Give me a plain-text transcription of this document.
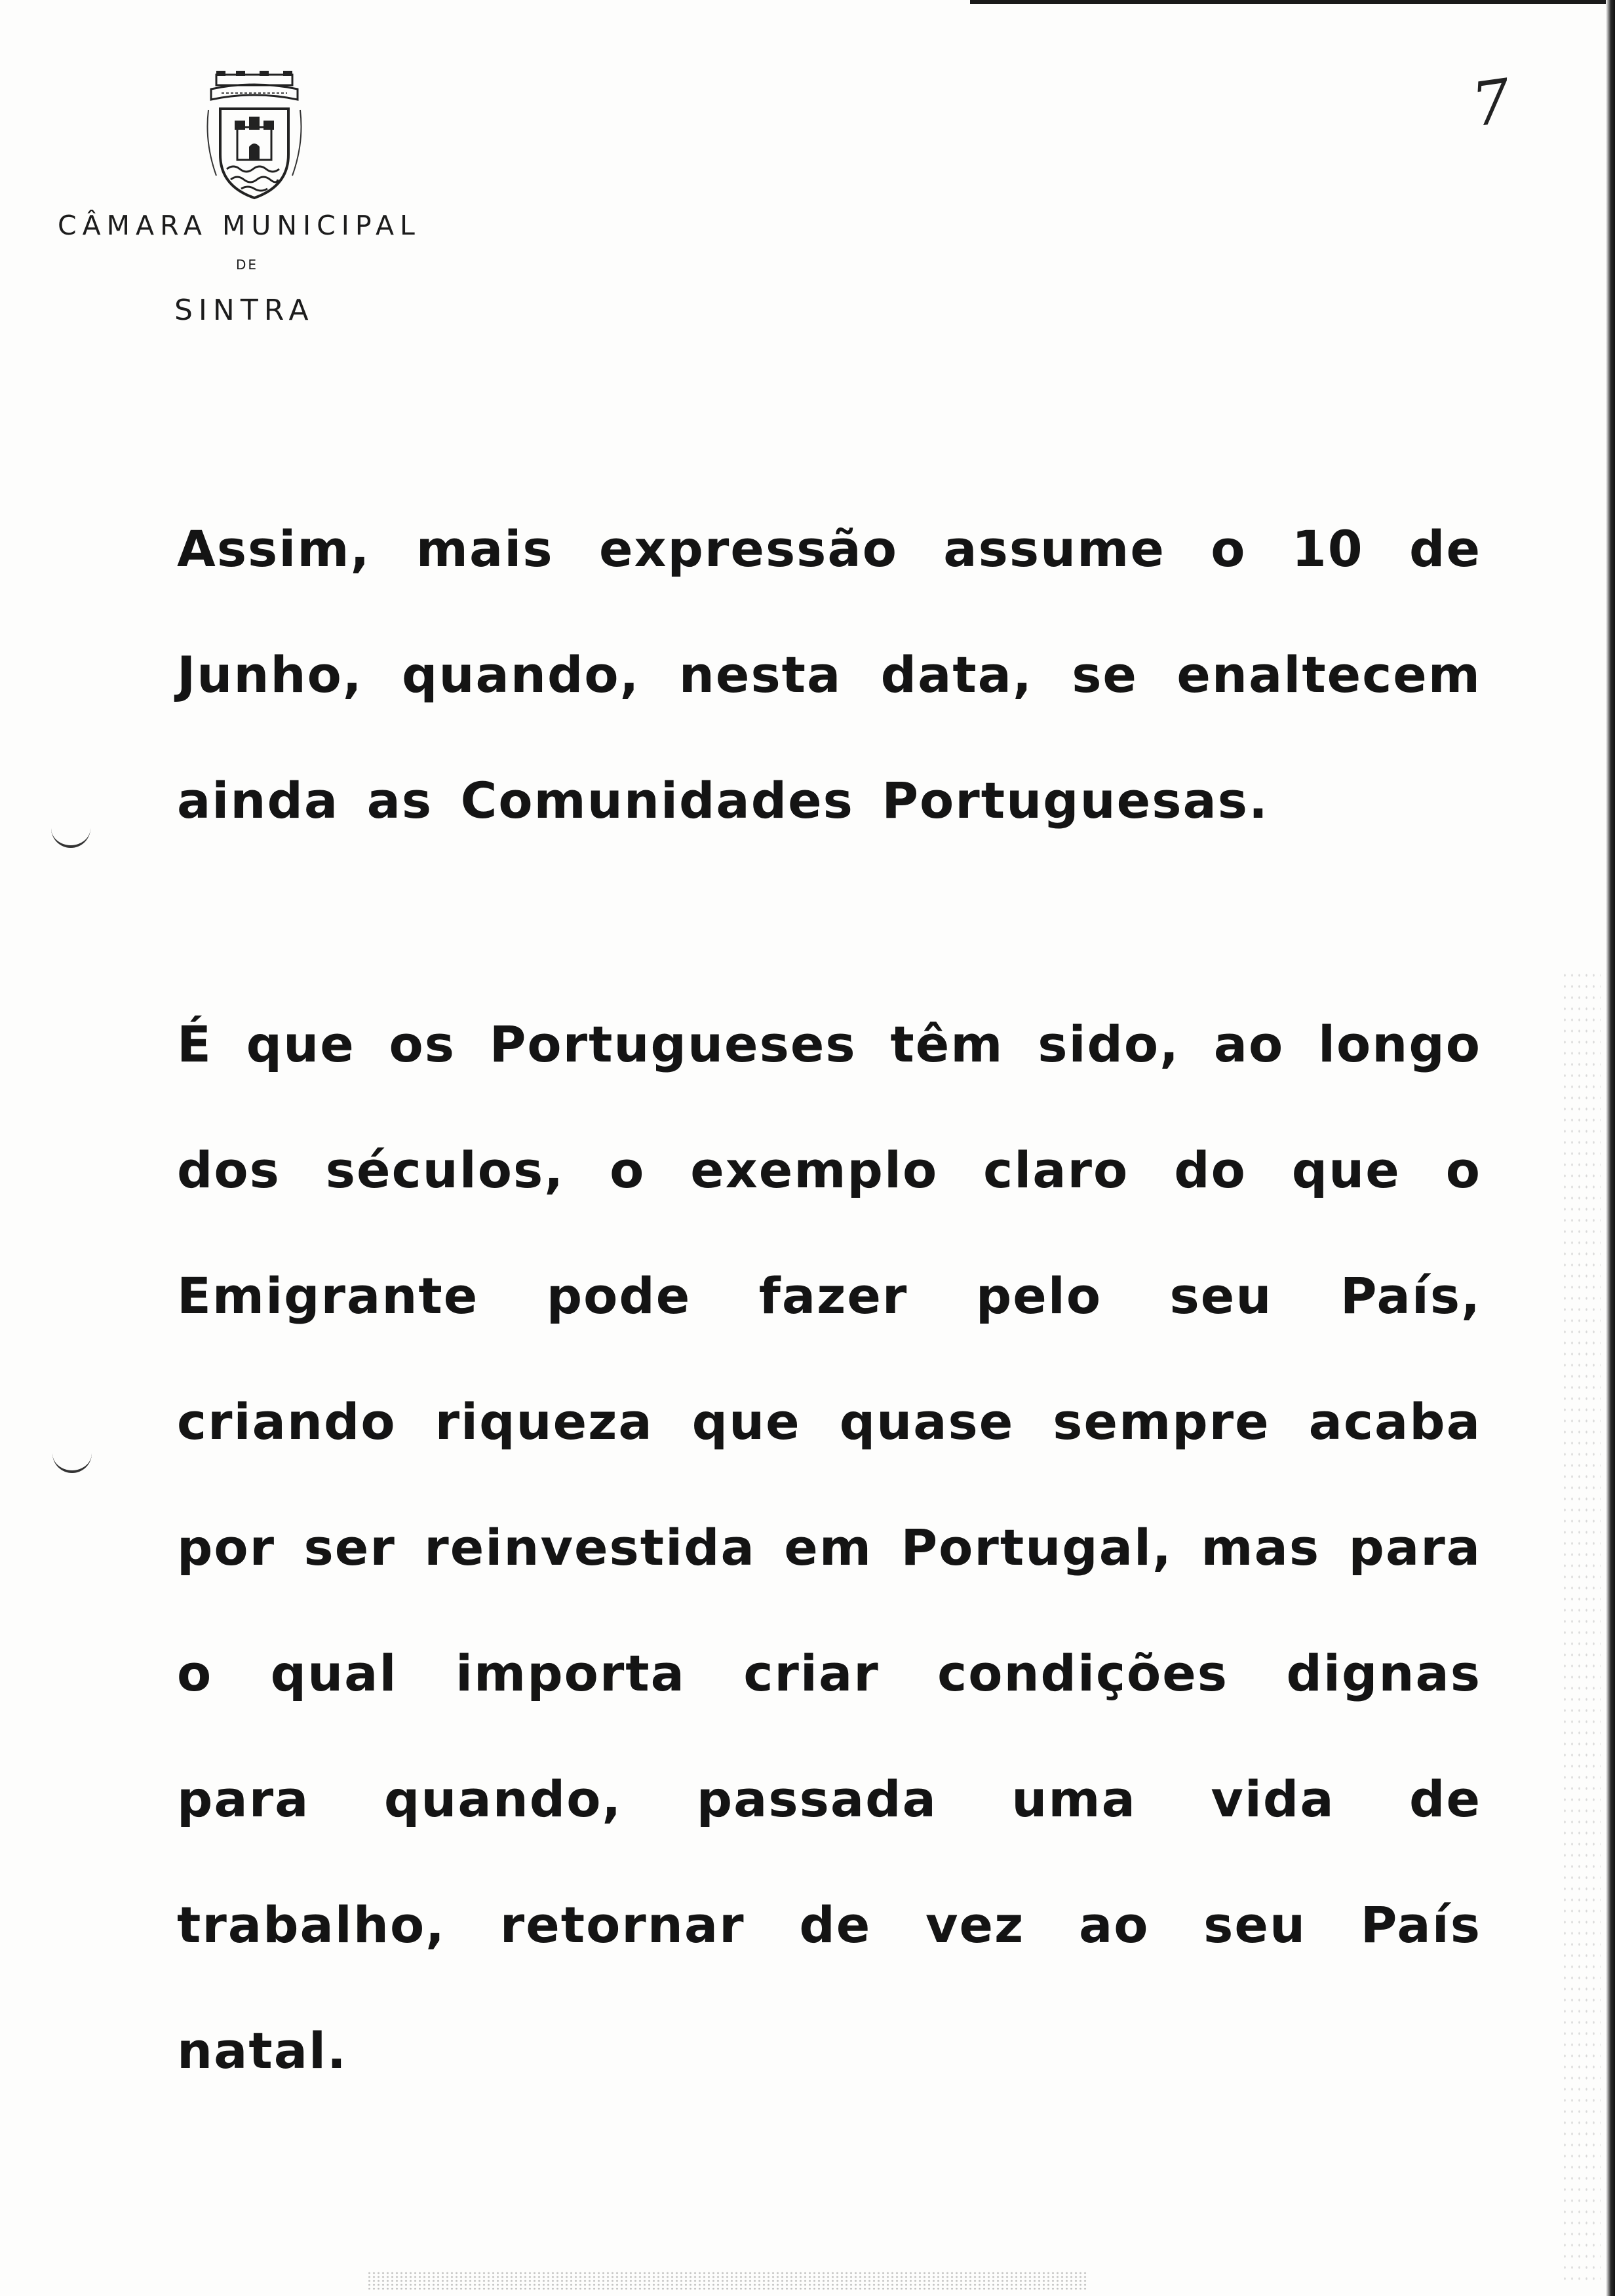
CÂMARA MUNICIPAL
DE
SINTRA
7

Assim, mais expressão assume o 10 de Junho, quando, nesta data, se enaltecem ainda as Comunidades Portuguesas.

É que os Portugueses têm sido, ao longo dos séculos, o exemplo claro do que o Emigrante pode fazer pelo seu País, criando riqueza que quase sempre acaba por ser reinvestida em Portugal, mas para o qual importa criar condições dignas para quando, passada uma vida de trabalho, retornar de vez ao seu País natal.
